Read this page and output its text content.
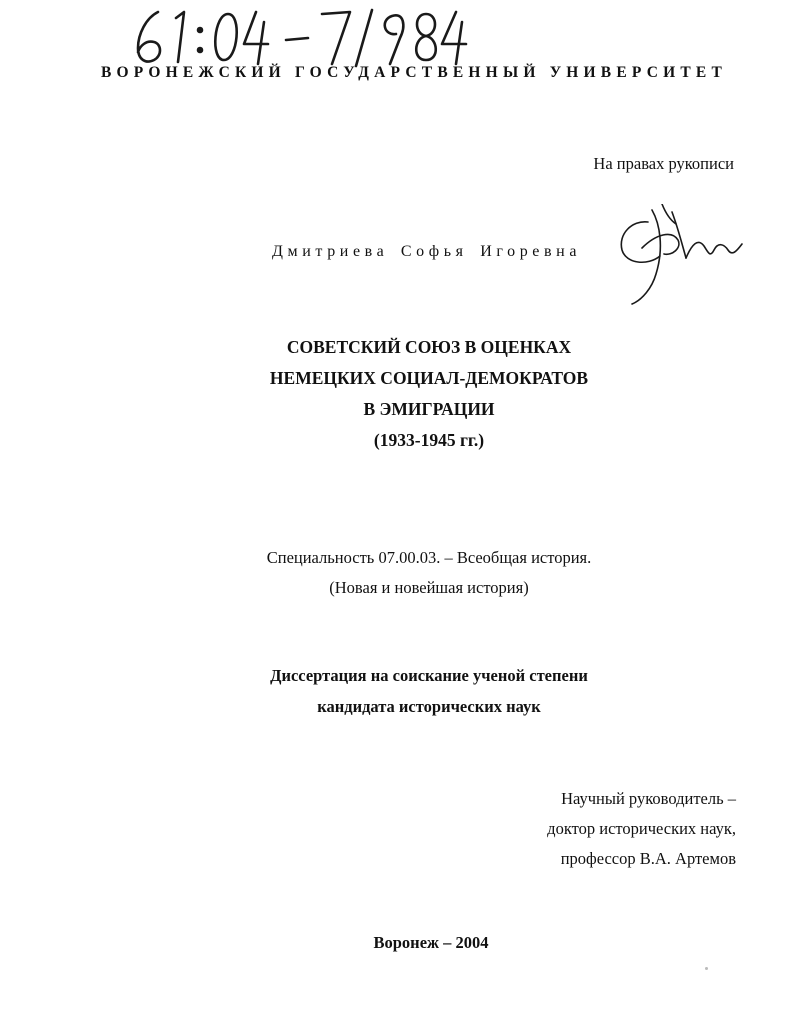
ВОРОНЕЖСКИЙ ГОСУДАРСТВЕННЫЙ УНИВЕРСИТЕТ
На правах рукописи
Дмитриева Софья Игоревна
СОВЕТСКИЙ СОЮЗ В ОЦЕНКАХ
НЕМЕЦКИХ СОЦИАЛ-ДЕМОКРАТОВ
В ЭМИГРАЦИИ
(1933-1945 гг.)
Специальность 07.00.03. – Всеобщая история.
(Новая и новейшая история)
Диссертация на соискание ученой степени
кандидата исторических наук
Научный руководитель –
доктор исторических наук,
профессор В.А. Артемов
Воронеж – 2004
